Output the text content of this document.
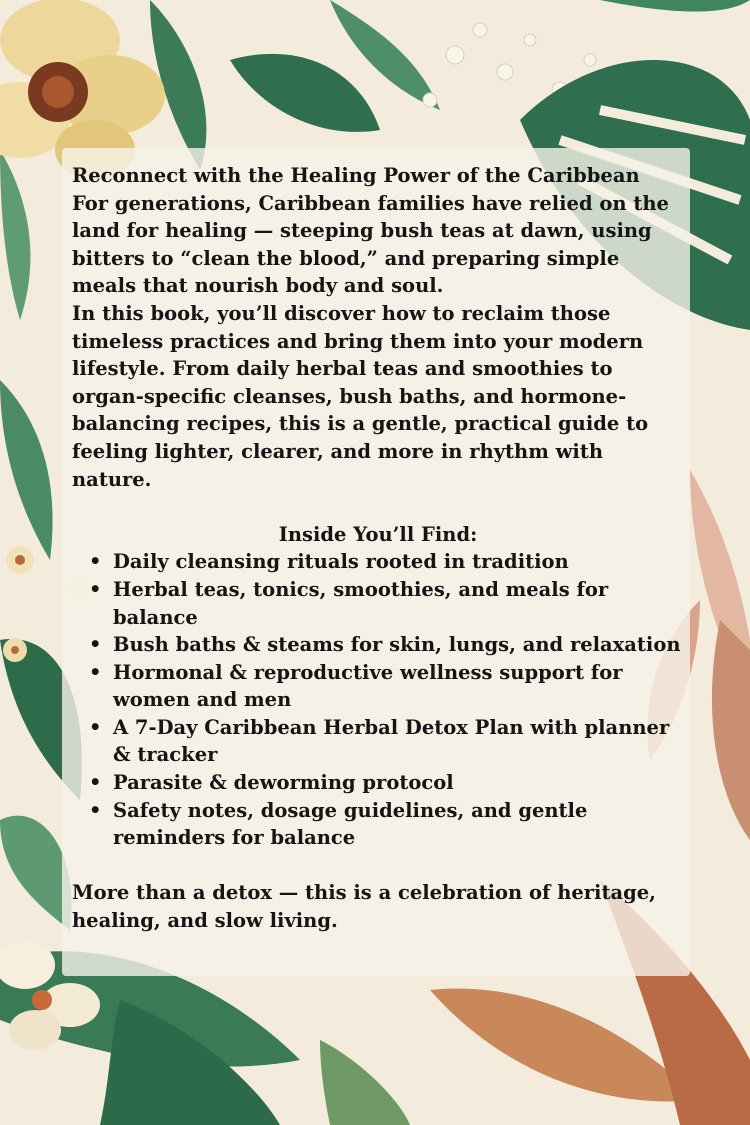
Reconnect with the Healing Power of the Caribbean

For generations, Caribbean families have relied on the land for healing — steeping bush teas at dawn, using bitters to “clean the blood,” and preparing simple meals that nourish body and soul.

In this book, you’ll discover how to reclaim those timeless practices and bring them into your modern lifestyle. From daily herbal teas and smoothies to organ-specific cleanses, bush baths, and hormone-balancing recipes, this is a gentle, practical guide to feeling lighter, clearer, and more in rhythm with nature.

Inside You’ll Find:

• Daily cleansing rituals rooted in tradition
• Herbal teas, tonics, smoothies, and meals for balance
• Bush baths & steams for skin, lungs, and relaxation
• Hormonal & reproductive wellness support for women and men
• A 7-Day Caribbean Herbal Detox Plan with planner & tracker
• Parasite & deworming protocol
• Safety notes, dosage guidelines, and gentle reminders for balance

More than a detox — this is a celebration of heritage, healing, and slow living.
